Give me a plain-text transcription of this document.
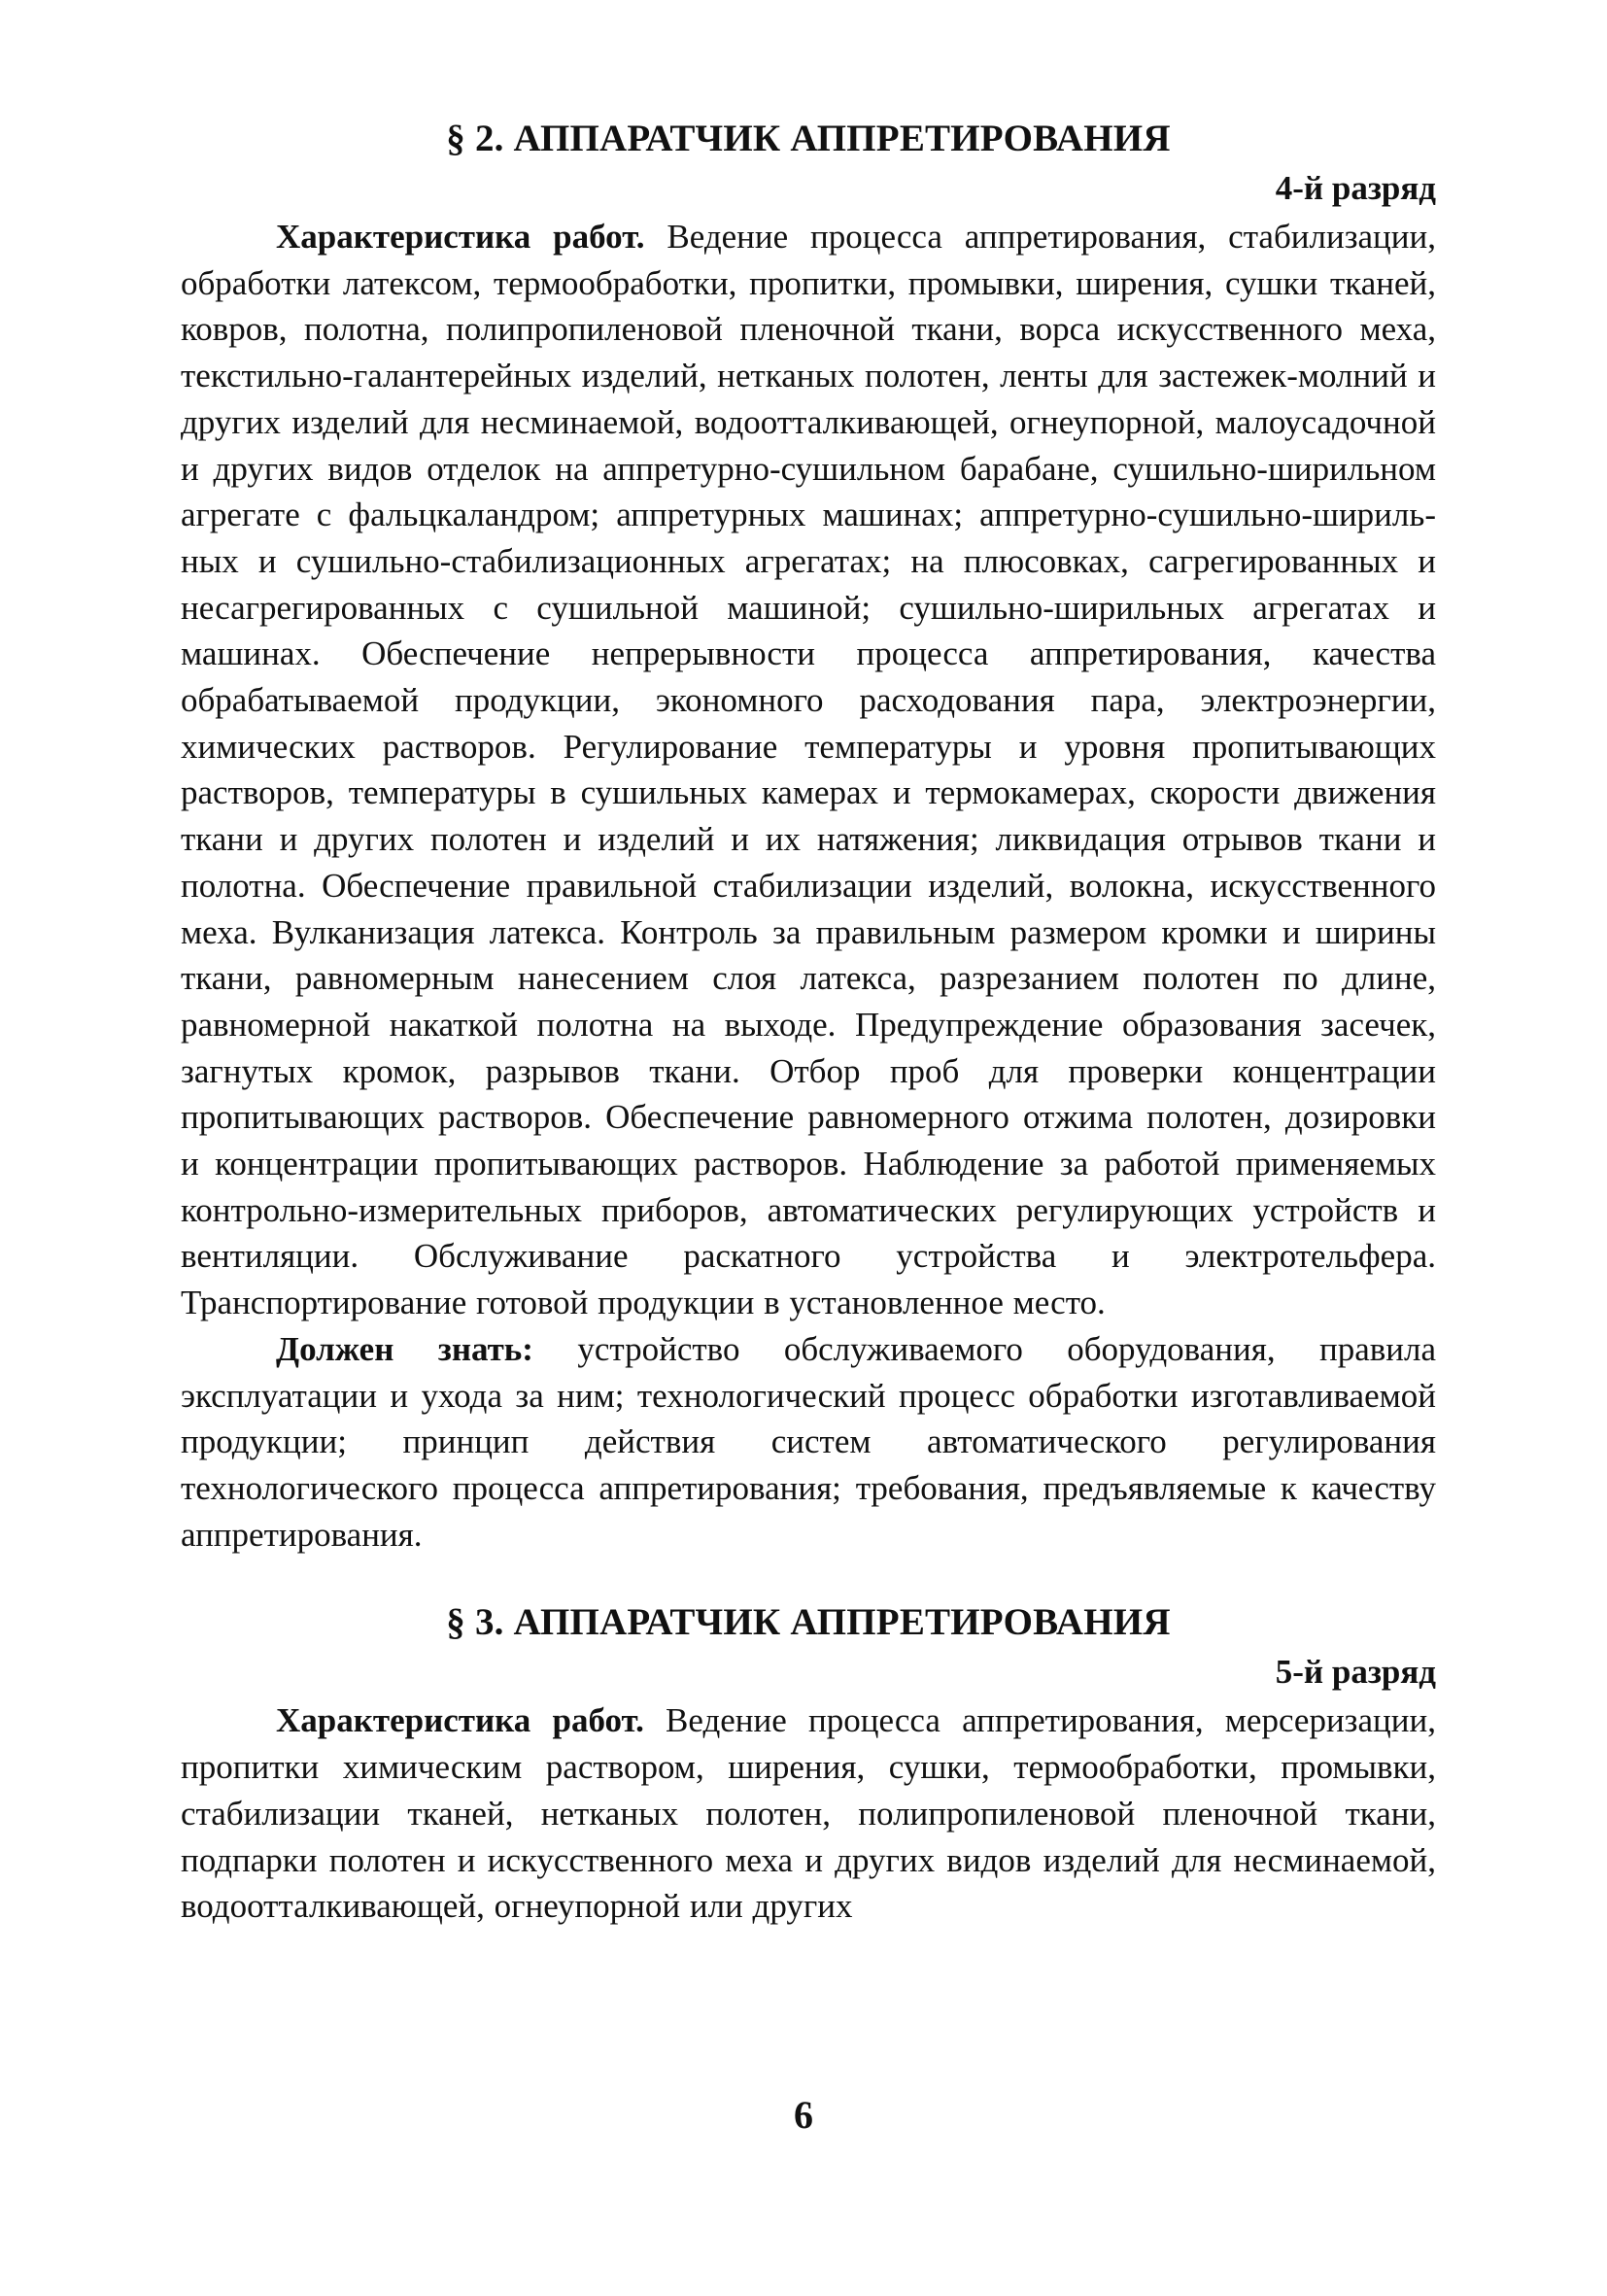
§ 2. АППАРАТЧИК АППРЕТИРОВАНИЯ

4-й разряд

Характеристика работ. Ведение процесса аппретирования, стабилизации, обработки латексом, термообработки, пропитки, промывки, ширения, сушки тканей, ковров, полотна, полипропиленовой пленочной ткани, ворса искусственного меха, текстильно-галантерейных изделий, нетканых полотен, ленты для застежек-молний и других изделий для несминаемой, водоотталкивающей, огнеупорной, малоусадочной и других видов отделок на аппретурно-сушильном барабане, сушильно-ширильном агрегате с фальцкаландром; аппретурных машинах; аппретурно-сушильно-шириль-ных и сушильно-стабилизационных агрегатах; на плюсовках, сагрегированных и несагрегированных с сушильной машиной; сушильно-ширильных агрегатах и машинах. Обеспечение непрерывности процесса аппретирования, качества обрабатываемой продукции, экономного расходования пара, электроэнергии, химических растворов. Регулирование температуры и уровня пропитывающих растворов, температуры в сушильных камерах и термокамерах, скорости движения ткани и других полотен и изделий и их натяжения; ликвидация отрывов ткани и полотна. Обеспечение правильной стабилизации изделий, волокна, искусственного меха. Вулканизация латекса. Контроль за правильным размером кромки и ширины ткани, равномерным нанесением слоя латекса, разрезанием полотен по длине, равномерной накаткой полотна на выходе. Предупреждение образования засечек, загнутых кромок, разрывов ткани. Отбор проб для проверки концентрации пропитывающих растворов. Обеспечение равномерного отжима полотен, дозировки и концентрации пропитывающих растворов. Наблюдение за работой применяемых контрольно-измерительных приборов, автоматических регулирующих устройств и вентиляции. Обслуживание раскатного устройства и электротельфера. Транспортирование готовой продукции в установленное место.

Должен знать: устройство обслуживаемого оборудования, правила эксплуатации и ухода за ним; технологический процесс обработки изготавливаемой продукции; принцип действия систем автоматического регулирования технологического процесса аппретирования; требования, предъявляемые к качеству аппретирования.

§ 3. АППАРАТЧИК АППРЕТИРОВАНИЯ

5-й разряд

Характеристика работ. Ведение процесса аппретирования, мерсеризации, пропитки химическим раствором, ширения, сушки, термообработки, промывки, стабилизации тканей, нетканых полотен, полипропиленовой пленочной ткани, подпарки полотен и искусственного меха и других видов изделий для несминаемой, водоотталкивающей, огнеупорной или других

6
